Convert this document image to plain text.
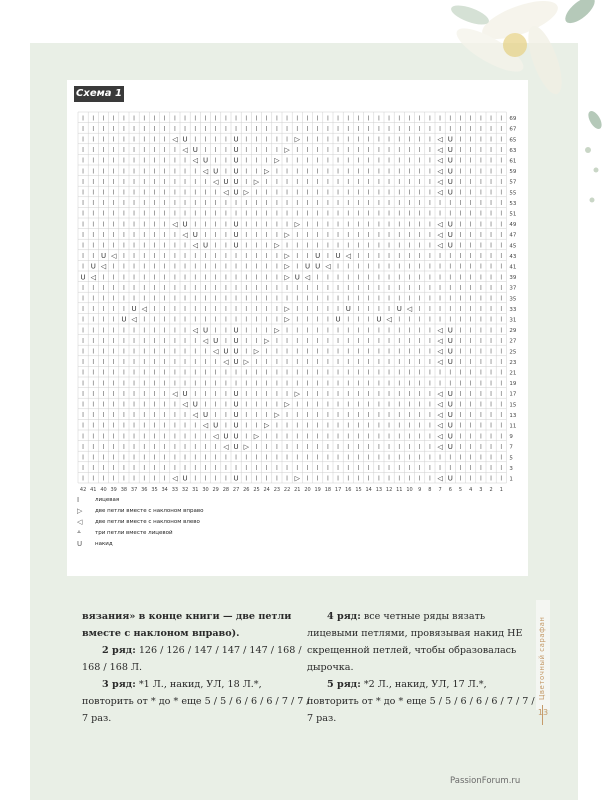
Схема 1
I I I I I I I I I I I I I I I I I I I I I I I I I I I I I I I I I I I I I I I I I I 69
I I I I I I I I I I I I I I I I I I I I I I I I I I I I I I I I I I I I I I I I I I 67
I I I I I I I I I ◁ U I I I I U I I I I I ▷ I I I I I I I I I I I I I ◁ U I I I I I 65
I I I I I I I I I I ◁ U I I I U I I I I ▷ I I I I I I I I I I I I I I ◁ U I I I I I 63
I I I I I I I I I I I ◁ U I I U I I I ▷ I I I I I I I I I I I I I I I ◁ U I I I I I 61
I I I I I I I I I I I I ◁ U I U I I ▷ I I I I I I I I I I I I I I I I ◁ U I I I I I 59
I I I I I I I I I I I I I ◁ U U I ▷ I I I I I I I I I I I I I I I I I ◁ U I I I I I 57
I I I I I I I I I I I I I I ◁ U ▷ I I I I I I I I I I I I I I I I I I ◁ U I I I I I 55
I I I I I I I I I I I I I I I I I I I I I I I I I I I I I I I I I I I I I I I I I I 53
I I I I I I I I I I I I I I I I I I I I I I I I I I I I I I I I I I I I I I I I I I 51
I I I I I I I I I ◁ U I I I I U I I I I I ▷ I I I I I I I I I I I I I ◁ U I I I I I 49
I I I I I I I I I I ◁ U I I I U I I I I ▷ I I I I I I I I I I I I I I ◁ U I I I I I 47
I I I I I I I I I I I ◁ U I I U I I I ▷ I I I I I I I I I I I I I I I ◁ U I I I I I 45
I I U ◁ I I I I I I I I I I I I I I I I ▷ I I U I U ◁ I I I I I I I I I I I I I I I 43
I U ◁ I I I I I I I I I I I I I I I I I ▷ I U U ◁ I I I I I I I I I I I I I I I I I 41
U ◁ I I I I I I I I I I I I I I I I I I ▷ U ◁ I I I I I I I I I I I I I I I I I I I 39
I I I I I I I I I I I I I I I I I I I I I I I I I I I I I I I I I I I I I I I I I I 37
I I I I I I I I I I I I I I I I I I I I I I I I I I I I I I I I I I I I I I I I I I 35
I I I I I U ◁ I I I I I I I I I I I I I ▷ I I I I I U I I I I U ◁ I I I I I I I I I 33
I I I I U ◁ I I I I I I I I I I I I I I ▷ I I I I U I I I U ◁ I I I I I I I I I I I 31
I I I I I I I I I I I ◁ U I I U I I I ▷ I I I I I I I I I I I I I I I ◁ U I I I I I 29
I I I I I I I I I I I I ◁ U I U I I ▷ I I I I I I I I I I I I I I I I ◁ U I I I I I 27
I I I I I I I I I I I I I ◁ U U I ▷ I I I I I I I I I I I I I I I I I ◁ U I I I I I 25
I I I I I I I I I I I I I I ◁ U ▷ I I I I I I I I I I I I I I I I I I ◁ U I I I I I 23
I I I I I I I I I I I I I I I I I I I I I I I I I I I I I I I I I I I I I I I I I I 21
I I I I I I I I I I I I I I I I I I I I I I I I I I I I I I I I I I I I I I I I I I 19
I I I I I I I I I ◁ U I I I I U I I I I I ▷ I I I I I I I I I I I I I ◁ U I I I I I 17
I I I I I I I I I I ◁ U I I I U I I I I ▷ I I I I I I I I I I I I I I ◁ U I I I I I 15
I I I I I I I I I I I ◁ U I I U I I I ▷ I I I I I I I I I I I I I I I ◁ U I I I I I 13
I I I I I I I I I I I I ◁ U I U I I ▷ I I I I I I I I I I I I I I I I ◁ U I I I I I 11
I I I I I I I I I I I I I ◁ U U I ▷ I I I I I I I I I I I I I I I I I ◁ U I I I I I 9
I I I I I I I I I I I I I I ◁ U ▷ I I I I I I I I I I I I I I I I I I ◁ U I I I I I 7
I I I I I I I I I I I I I I I I I I I I I I I I I I I I I I I I I I I I I I I I I I 5
I I I I I I I I I I I I I I I I I I I I I I I I I I I I I I I I I I I I I I I I I I 3
I I I I I I I I I ◁ U I I I I U I I I I I ▷ I I I I I I I I I I I I I ◁ U I I I I I 1
42 41 40 39 38 37 36 35 34 33 32 31 30 29 28 27 26 25 24 23 22 21 20 19 18 17 16 15 14 13 12 11 10 9 8 7 6 5 4 3 2 1
I	лицевая
▷	две петли вместе с наклоном вправо
◁	две петли вместе с наклоном влево
⩡	три петли вместе лицевой
U	накид

вязания» в конце книги — две петли вместе с наклоном вправо).

2 ряд: 126 / 126 / 147 / 147 / 147 / 168 / 168 / 168 Л.

3 ряд: *1 Л., накид, УЛ, 18 Л.*, повторить от * до * еще 5 / 5 / 6 / 6 / 6 / 7 / 7 / 7 раз.

4 ряд: все четные ряды вязать лицевыми петлями, провязывая накид НЕ скрещенной петлей, чтобы образовалась дырочка.

5 ряд: *2 Л., накид, УЛ, 17 Л.*, повторить от * до * еще 5 / 5 / 6 / 6 / 6 / 7 / 7 / 7 раз.

Цветочный сарафан
13
PassionForum.ru
